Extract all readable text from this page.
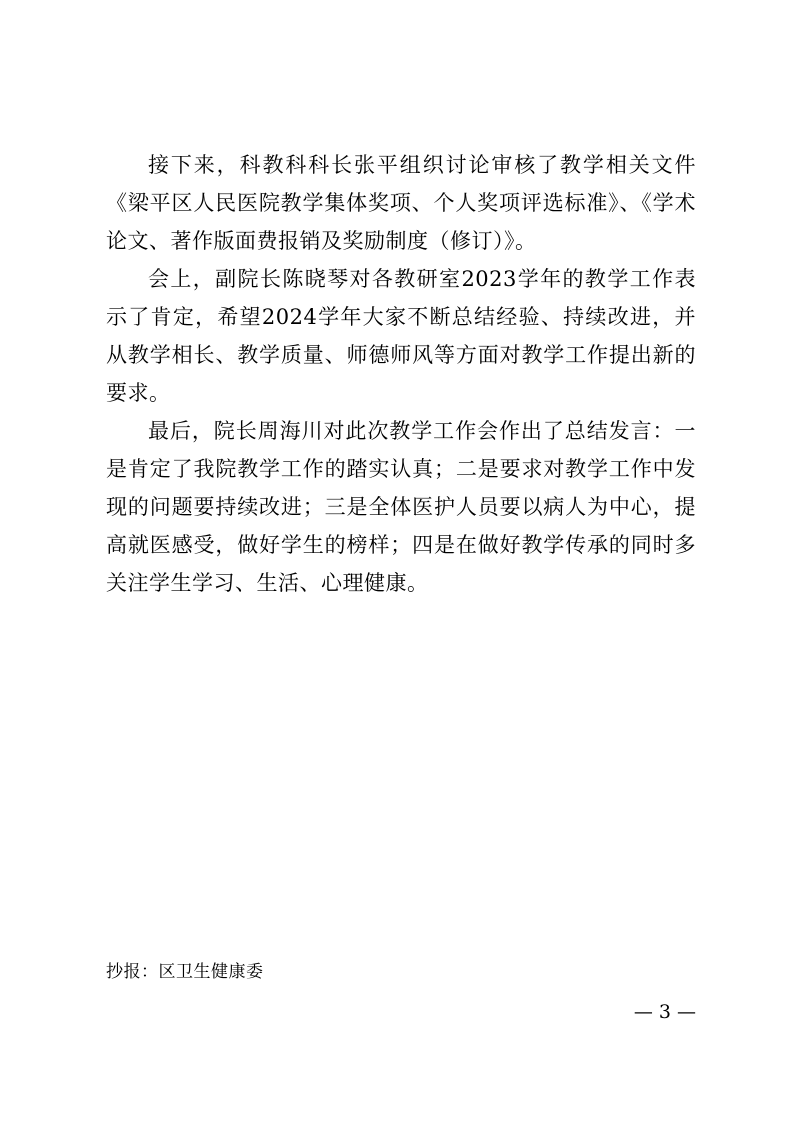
接下来，科教科科长张平组织讨论审核了教学相关文件《梁平区人民医院教学集体奖项、个人奖项评选标准》、《学术论文、著作版面费报销及奖励制度（修订）》。

会上，副院长陈晓琴对各教研室2023学年的教学工作表示了肯定，希望2024学年大家不断总结经验、持续改进，并从教学相长、教学质量、师德师风等方面对教学工作提出新的要求。

最后，院长周海川对此次教学工作会作出了总结发言：一是肯定了我院教学工作的踏实认真；二是要求对教学工作中发现的问题要持续改进；三是全体医护人员要以病人为中心，提高就医感受，做好学生的榜样；四是在做好教学传承的同时多关注学生学习、生活、心理健康。

抄报：区卫生健康委
— 3 —
